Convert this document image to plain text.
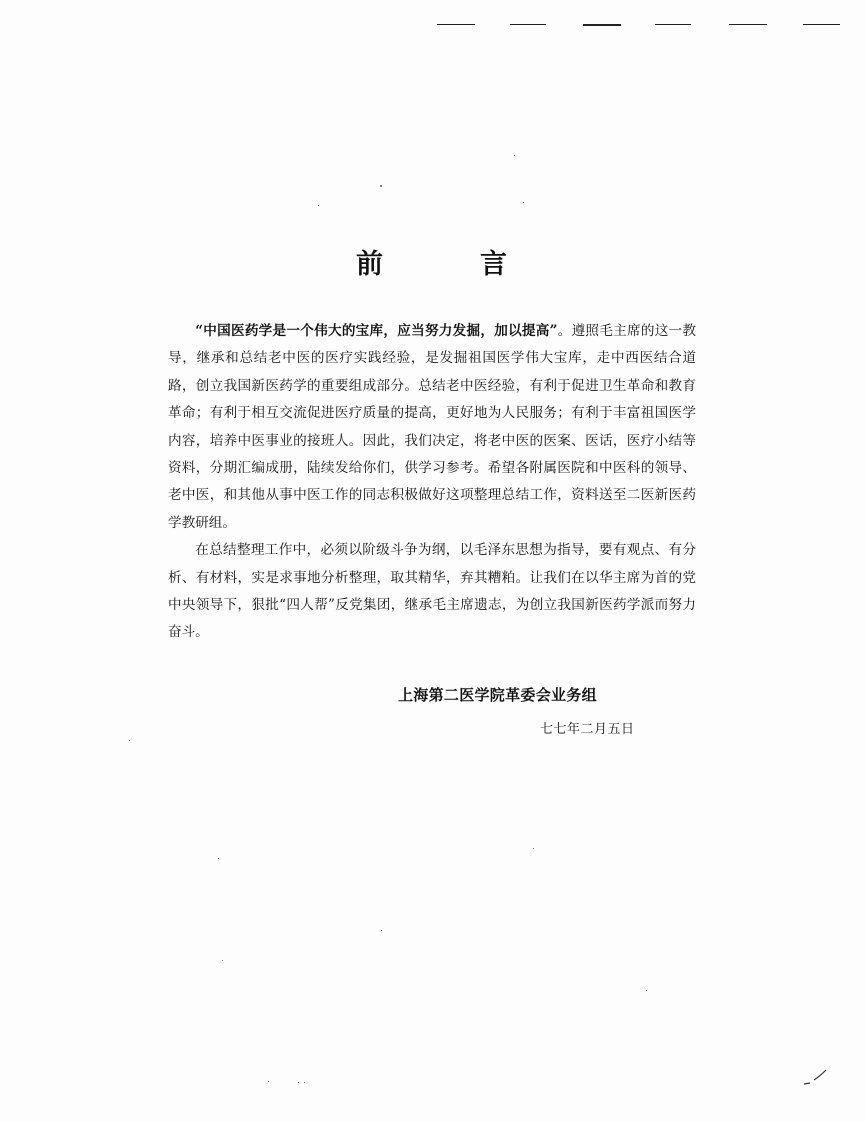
前	言

“中国医药学是一个伟大的宝库，应当努力发掘，加以提高”。遵照毛主席的这一教导，继承和总结老中医的医疗实践经验，是发掘祖国医学伟大宝库，走中西医结合道路，创立我国新医药学的重要组成部分。总结老中医经验，有利于促进卫生革命和教育革命；有利于相互交流促进医疗质量的提高，更好地为人民服务；有利于丰富祖国医学内容，培养中医事业的接班人。因此，我们决定，将老中医的医案、医话，医疗小结等资料，分期汇编成册，陆续发给你们，供学习参考。希望各附属医院和中医科的领导、老中医，和其他从事中医工作的同志积极做好这项整理总结工作，资料送至二医新医药学教研组。

在总结整理工作中，必须以阶级斗争为纲，以毛泽东思想为指导，要有观点、有分析、有材料，实是求事地分析整理，取其精华，弃其糟粕。让我们在以华主席为首的党中央领导下，狠批“四人帮”反党集团，继承毛主席遗志，为创立我国新医药学派而努力奋斗。

上海第二医学院革委会业务组
七七年二月五日
